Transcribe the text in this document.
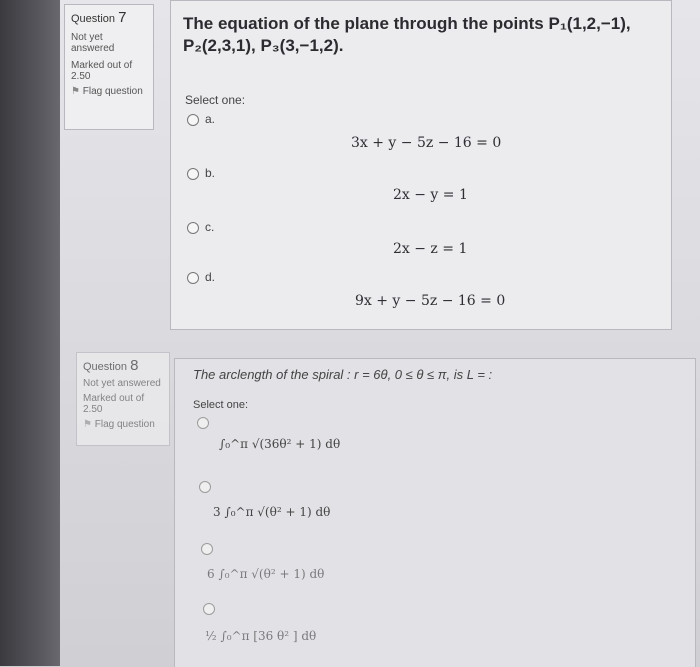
Question 7
Not yet answered
Marked out of 2.50
⚑ Flag question
The equation of the plane through the points P₁(1,2,−1),
P₂(2,3,1), P₃(3,−1,2).
Select one:
a.
3x + y − 5z − 16 = 0
b.
2x − y = 1
c.
2x − z = 1
d.
9x + y − 5z − 16 = 0
Question 8
Not yet answered
Marked out of 2.50
⚑ Flag question
The arclength of the spiral : r = 6θ, 0 ≤ θ ≤ π, is L = :
Select one:
∫₀^π √(36θ² + 1) dθ
3 ∫₀^π √(θ² + 1) dθ
6 ∫₀^π √(θ² + 1) dθ
½ ∫₀^π [36 θ² ] dθ
